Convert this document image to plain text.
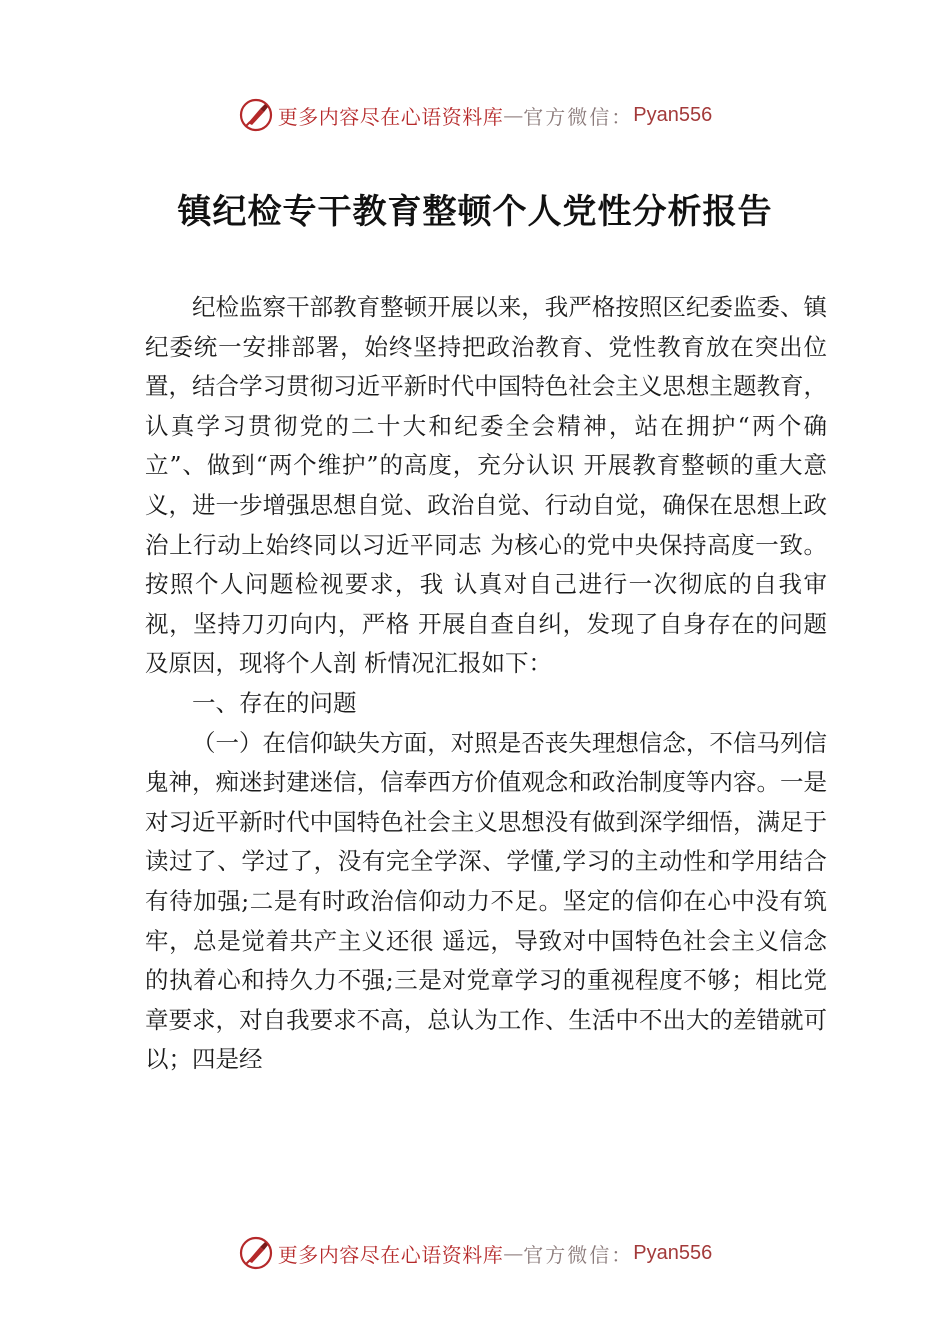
更多内容尽在心语资料库 — 官方微信： Pyan556
镇纪检专干教育整顿个人党性分析报告

纪检监察干部教育整顿开展以来，我严格按照区纪委监委、镇纪委统一安排部署，始终坚持把政治教育、党性教育放在突出位置，结合学习贯彻习近平新时代中国特色社会主义思想主题教育，认真学习贯彻党的二十大和纪委全会精神，站在拥护“两个确立”、做到“两个维护”的高度，充分认识 开展教育整顿的重大意义，进一步增强思想自觉、政治自觉、行动自觉，确保在思想上政治上行动上始终同以习近平同志 为核心的党中央保持高度一致。按照个人问题检视要求，我 认真对自己进行一次彻底的自我审视，坚持刀刃向内，严格 开展自查自纠，发现了自身存在的问题及原因，现将个人剖 析情况汇报如下：

一、存在的问题

（一）在信仰缺失方面，对照是否丧失理想信念，不信马列信鬼神，痴迷封建迷信，信奉西方价值观念和政治制度等内容。一是对习近平新时代中国特色社会主义思想没有做到深学细悟，满足于读过了、学过了，没有完全学深、学懂,学习的主动性和学用结合有待加强;二是有时政治信仰动力不足。坚定的信仰在心中没有筑牢，总是觉着共产主义还很 遥远，导致对中国特色社会主义信念的执着心和持久力不强;三是对党章学习的重视程度不够；相比党章要求，对自我要求不高，总认为工作、生活中不出大的差错就可以；四是经

更多内容尽在心语资料库 — 官方微信： Pyan556
